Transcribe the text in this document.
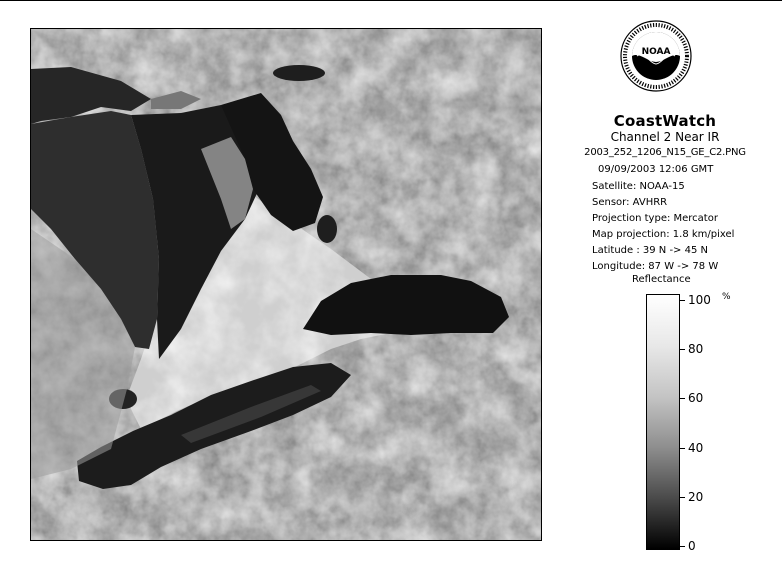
NOAA
CoastWatch
Channel 2 Near IR
2003_252_1206_N15_GE_C2.PNG
09/09/2003 12:06 GMT
Satellite: NOAA-15
Sensor: AVHRR
Projection type: Mercator
Map projection: 1.8 km/pixel
Latitude : 39 N -> 45 N
Longitude: 87 W -> 78 W
Reflectance
%
100
80
60
40
20
0
